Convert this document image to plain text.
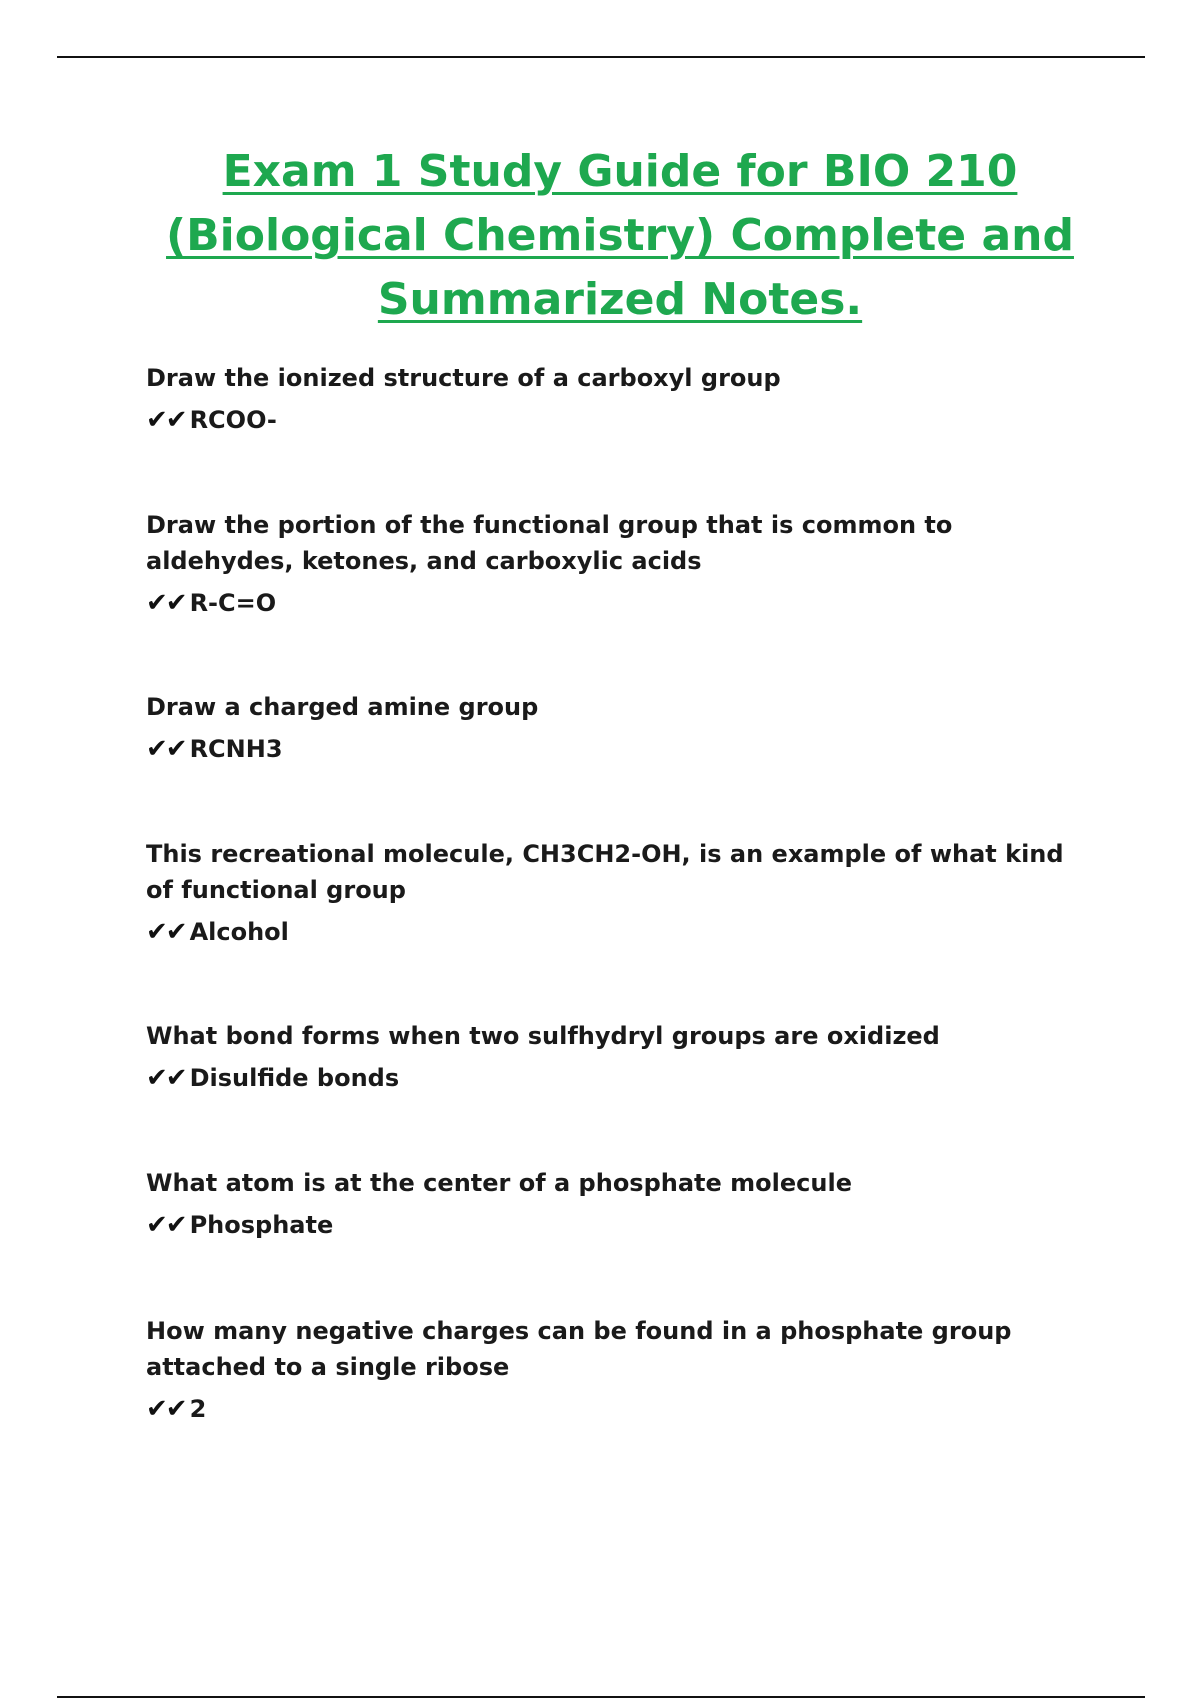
Exam 1 Study Guide for BIO 210 (Biological Chemistry) Complete and Summarized Notes.

Draw the ionized structure of a carboxyl group

✔✔ RCOO-

Draw the portion of the functional group that is common to aldehydes, ketones, and carboxylic acids

✔✔ R-C=O

Draw a charged amine group

✔✔ RCNH3

This recreational molecule, CH3CH2-OH, is an example of what kind of functional group

✔✔ Alcohol

What bond forms when two sulfhydryl groups are oxidized

✔✔ Disulfide bonds

What atom is at the center of a phosphate molecule

✔✔ Phosphate

How many negative charges can be found in a phosphate group attached to a single ribose

✔✔ 2
